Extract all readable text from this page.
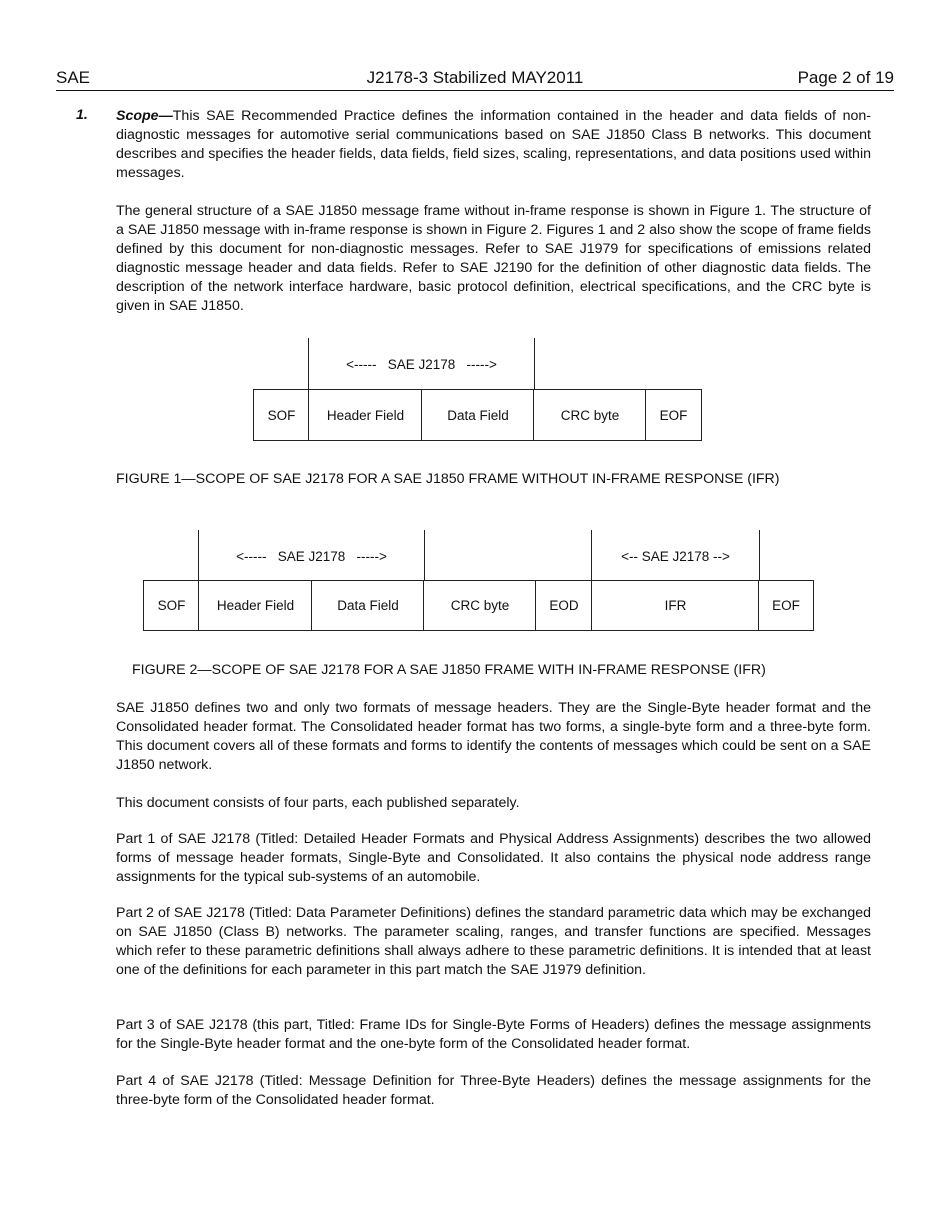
SAE	J2178-3 Stabilized MAY2011	Page 2 of 19
1. Scope—This SAE Recommended Practice defines the information contained in the header and data fields of non-diagnostic messages for automotive serial communications based on SAE J1850 Class B networks. This document describes and specifies the header fields, data fields, field sizes, scaling, representations, and data positions used within messages.

The general structure of a SAE J1850 message frame without in-frame response is shown in Figure 1. The structure of a SAE J1850 message with in-frame response is shown in Figure 2. Figures 1 and 2 also show the scope of frame fields defined by this document for non-diagnostic messages. Refer to SAE J1979 for specifications of emissions related diagnostic message header and data fields. Refer to SAE J2190 for the definition of other diagnostic data fields. The description of the network interface hardware, basic protocol definition, electrical specifications, and the CRC byte is given in SAE J1850.

<-----   SAE J2178   ----->
SOF	Header Field	Data Field	CRC byte	EOF
FIGURE 1—SCOPE OF SAE J2178 FOR A SAE J1850 FRAME WITHOUT IN-FRAME RESPONSE (IFR)
<-----   SAE J2178   ----->	<-- SAE J2178 -->
SOF	Header Field	Data Field	CRC byte	EOD	IFR	EOF
FIGURE 2—SCOPE OF SAE J2178 FOR A SAE J1850 FRAME WITH IN-FRAME RESPONSE (IFR)

SAE J1850 defines two and only two formats of message headers. They are the Single-Byte header format and the Consolidated header format. The Consolidated header format has two forms, a single-byte form and a three-byte form. This document covers all of these formats and forms to identify the contents of messages which could be sent on a SAE J1850 network.

This document consists of four parts, each published separately.

Part 1 of SAE J2178 (Titled: Detailed Header Formats and Physical Address Assignments) describes the two allowed forms of message header formats, Single-Byte and Consolidated. It also contains the physical node address range assignments for the typical sub-systems of an automobile.

Part 2 of SAE J2178 (Titled: Data Parameter Definitions) defines the standard parametric data which may be exchanged on SAE J1850 (Class B) networks. The parameter scaling, ranges, and transfer functions are specified. Messages which refer to these parametric definitions shall always adhere to these parametric definitions. It is intended that at least one of the definitions for each parameter in this part match the SAE J1979 definition.

Part 3 of SAE J2178 (this part, Titled: Frame IDs for Single-Byte Forms of Headers) defines the message assignments for the Single-Byte header format and the one-byte form of the Consolidated header format.

Part 4 of SAE J2178 (Titled: Message Definition for Three-Byte Headers) defines the message assignments for the three-byte form of the Consolidated header format.
